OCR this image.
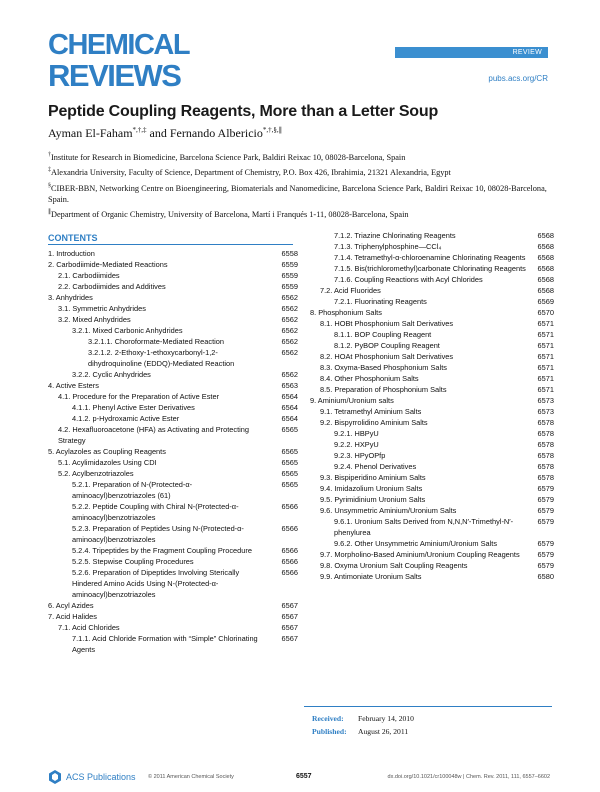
CHEMICAL
REVIEWS
REVIEW
pubs.acs.org/CR
Peptide Coupling Reagents, More than a Letter Soup
Ayman El-Faham*,†,‡ and Fernando Albericio*,†,§,∥

†Institute for Research in Biomedicine, Barcelona Science Park, Baldiri Reixac 10, 08028-Barcelona, Spain

‡Alexandria University, Faculty of Science, Department of Chemistry, P.O. Box 426, Ibrahimia, 21321 Alexandria, Egypt

§CIBER-BBN, Networking Centre on Bioengineering, Biomaterials and Nanomedicine, Barcelona Science Park, Baldiri Reixac 10, 08028-Barcelona, Spain.

∥Department of Organic Chemistry, University of Barcelona, Martí i Franqués 1-11, 08028-Barcelona, Spain

CONTENTS
1. Introduction	6558
2. Carbodiimide-Mediated Reactions	6559
2.1. Carbodiimides	6559
2.2. Carbodiimides and Additives	6559
3. Anhydrides	6562
3.1. Symmetric Anhydrides	6562
3.2. Mixed Anhydrides	6562
3.2.1. Mixed Carbonic Anhydrides	6562
3.2.1.1. Choroformate-Mediated Reaction	6562
3.2.1.2. 2-Ethoxy-1-ethoxycarbonyl-1,2-dihydroquinoline (EDDQ)-Mediated Reaction
6562
3.2.2. Cyclic Anhydrides	6562
4. Active Esters	6563
4.1. Procedure for the Preparation of Active Ester	6564
4.1.1. Phenyl Active Ester Derivatives	6564
4.1.2. p-Hydroxamic Active Ester	6564
4.2. Hexafluoroacetone (HFA) as Activating and Protecting Strategy
6565
5. Acylazoles as Coupling Reagents	6565
5.1. Acylimidazoles Using CDI	6565
5.2. Acylbenzotriazoles	6565
5.2.1. Preparation of N-(Protected-α-aminoacyl)benzotriazoles (61)
6565
5.2.2. Peptide Coupling with Chiral N-(Protected-α-aminoacyl)benzotriazoles
6566
5.2.3. Preparation of Peptides Using N-(Protected-α-aminoacyl)benzotriazoles
6566
5.2.4. Tripeptides by the Fragment Coupling Procedure	6566
5.2.5. Stepwise Coupling Procedures	6566
5.2.6. Preparation of Dipeptides Involving Sterically Hindered Amino Acids Using N-(Protected-α-aminoacyl)benzotriazoles
6566
6. Acyl Azides	6567
7. Acid Halides	6567
7.1. Acid Chlorides	6567
7.1.1. Acid Chloride Formation with “Simple” Chlorinating Agents
6567
7.1.2. Triazine Chlorinating Reagents	6568
7.1.3. Triphenylphosphine—CCl₄	6568
7.1.4. Tetramethyl-α-chloroenamine Chlorinating Reagents	6568
7.1.5. Bis(trichloromethyl)carbonate Chlorinating Reagents	6568
7.1.6. Coupling Reactions with Acyl Chlorides	6568
7.2. Acid Fluorides	6568
7.2.1. Fluorinating Reagents	6569
8. Phosphonium Salts	6570
8.1. HOBt Phosphonium Salt Derivatives	6571
8.1.1. BOP Coupling Reagent	6571
8.1.2. PyBOP Coupling Reagent	6571
8.2. HOAt Phosphonium Salt Derivatives	6571
8.3. Oxyma-Based Phosphonium Salts	6571
8.4. Other Phosphonium Salts	6571
8.5. Preparation of Phosphonium Salts	6571
9. Aminium/Uronium salts	6573
9.1. Tetramethyl Aminium Salts	6573
9.2. Bispyrrolidino Aminium Salts	6578
9.2.1. HBPyU	6578
9.2.2. HXPyU	6578
9.2.3. HPyOPfp	6578
9.2.4. Phenol Derivatives	6578
9.3. Bispiperidino Aminium Salts	6578
9.4. Imidazolium Uronium Salts	6579
9.5. Pyrimidinium Uronium Salts	6579
9.6. Unsymmetric Aminium/Uronium Salts	6579
9.6.1. Uronium Salts Derived from N,N,N′-Trimethyl-N′-phenylurea
6579
9.6.2. Other Unsymmetric Aminium/Uronium Salts	6579
9.7. Morpholino-Based Aminium/Uronium Coupling Reagents	6579
9.8. Oxyma Uronium Salt Coupling Reagents	6579
9.9. Antimoniate Uronium Salts	6580
Received: February 14, 2010
Published: August 26, 2011
ACS Publications © 2011 American Chemical Society	6557	dx.doi.org/10.1021/cr100048w | Chem. Rev. 2011, 111, 6557–6602
